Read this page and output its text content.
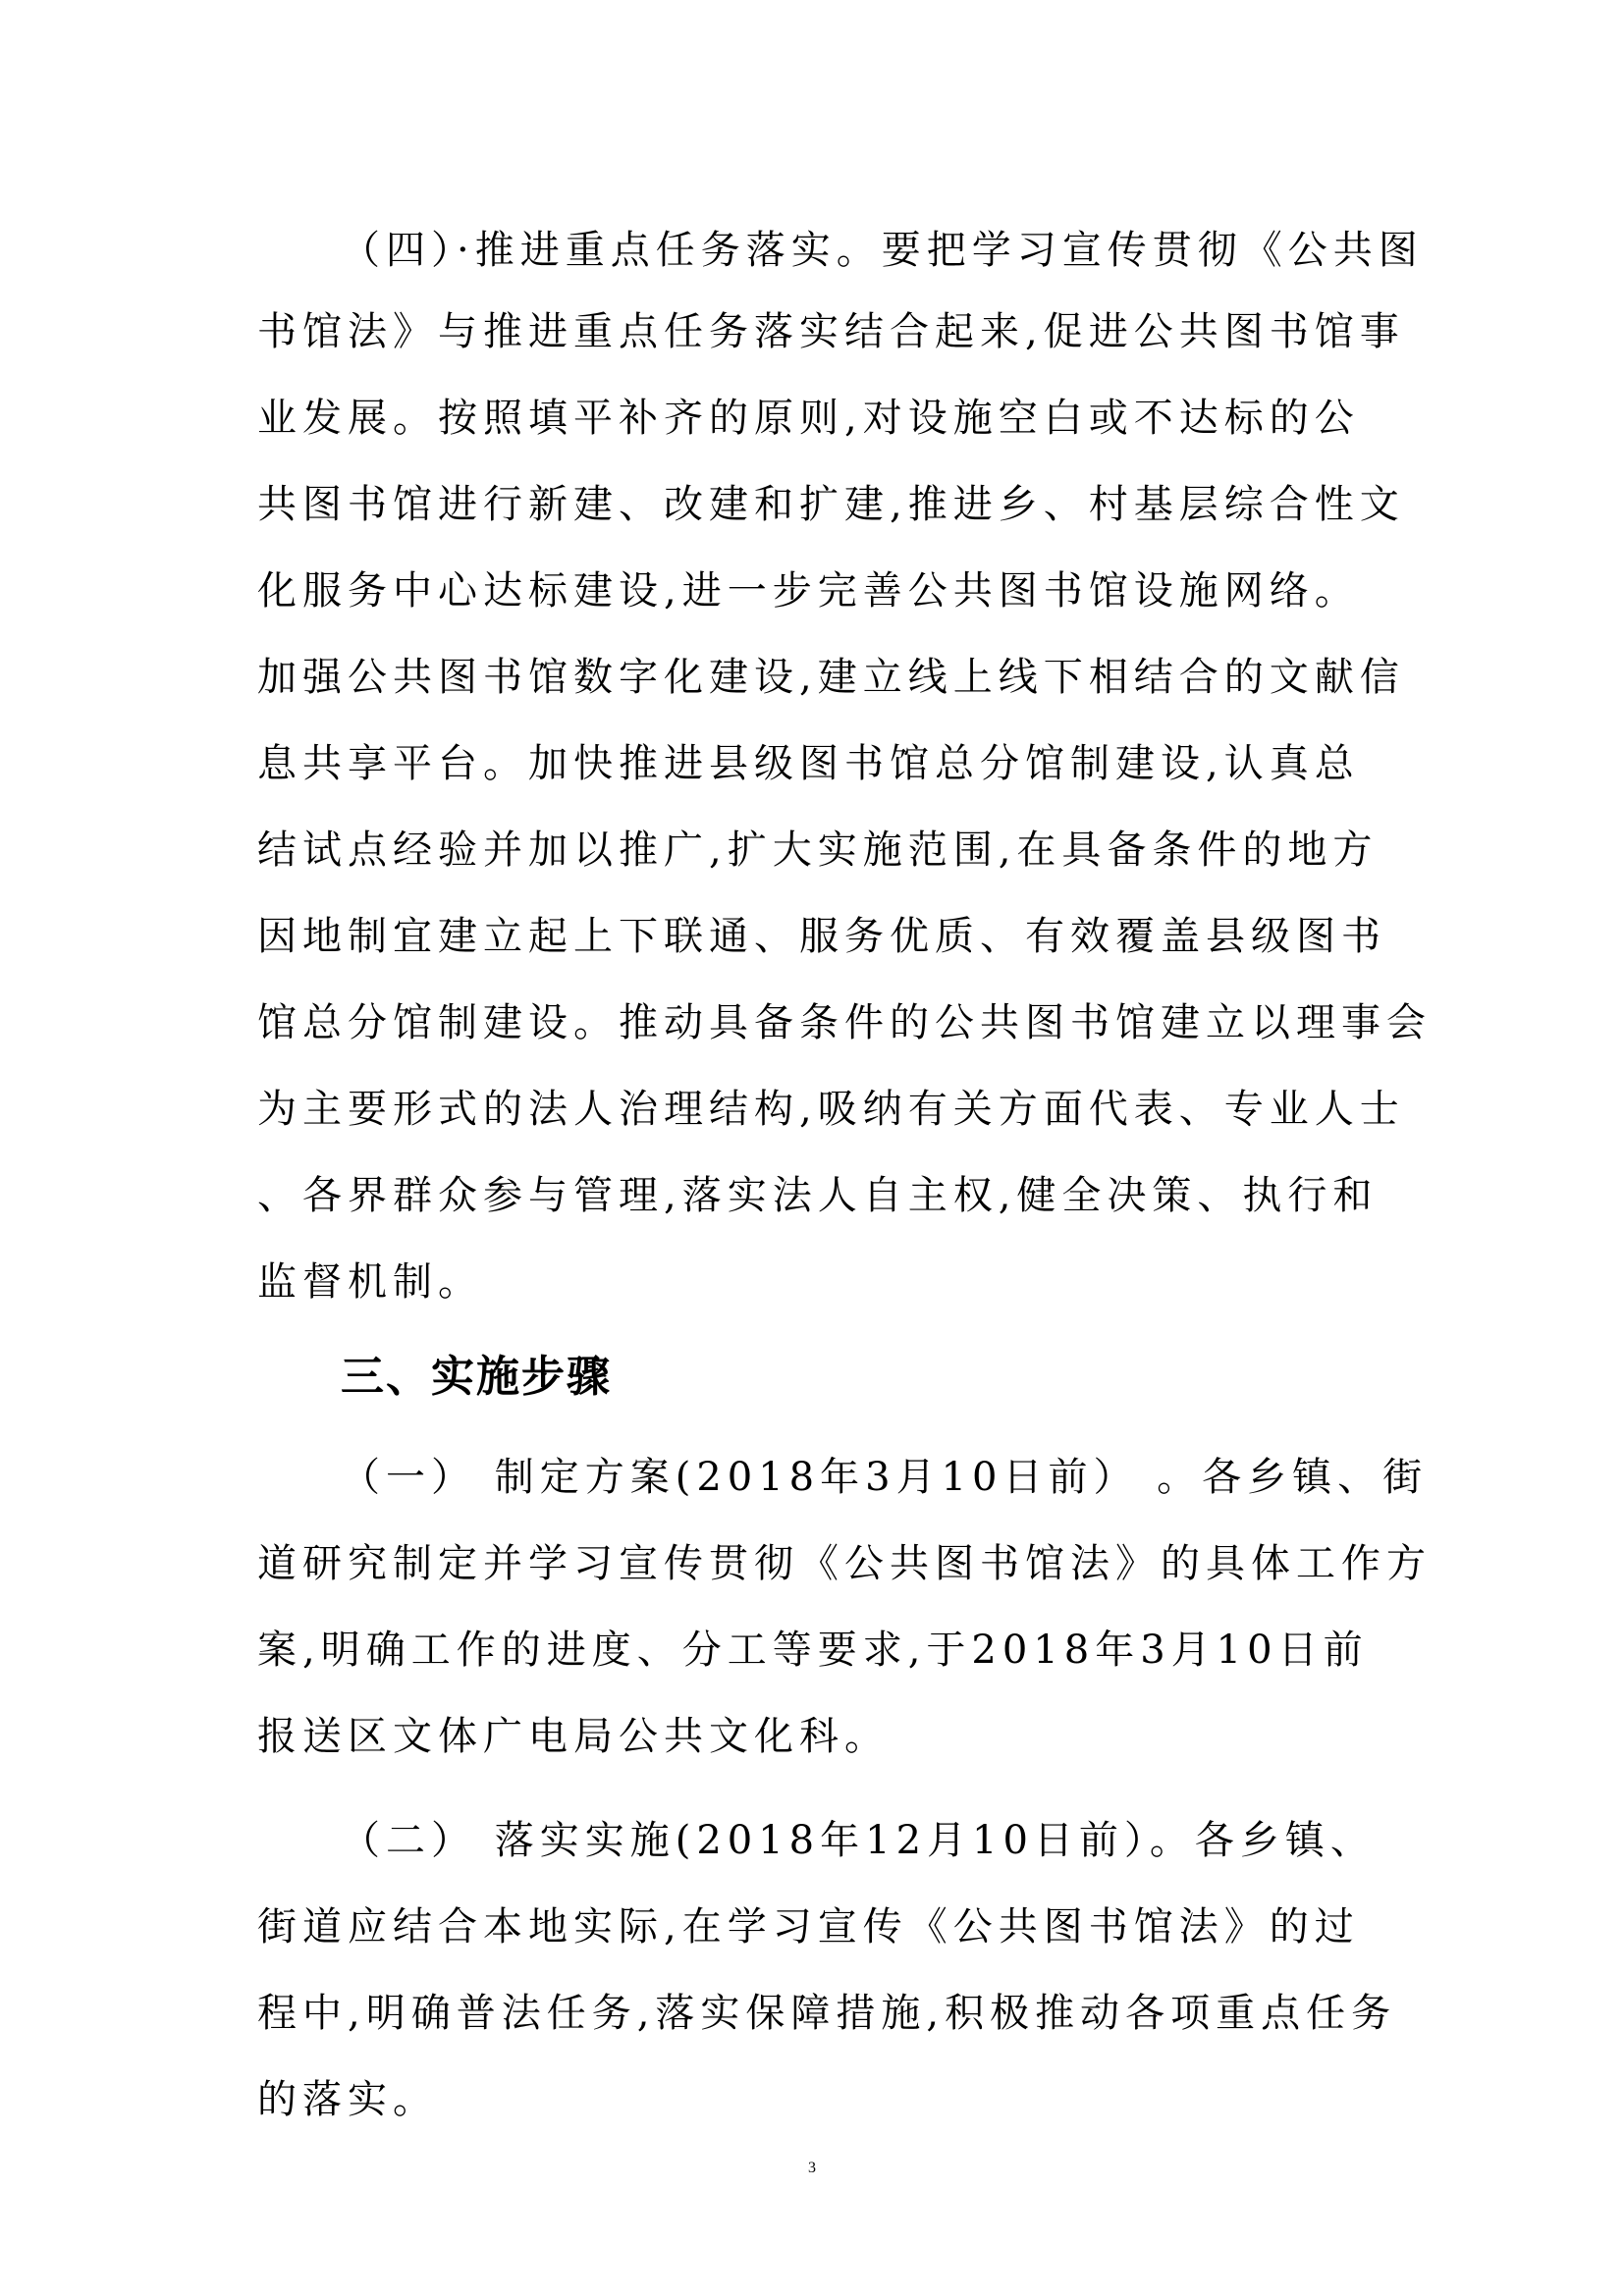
（四）·推进重点任务落实。要把学习宣传贯彻《公共图
书馆法》与推进重点任务落实结合起来,促进公共图书馆事
业发展。按照填平补齐的原则,对设施空白或不达标的公
共图书馆进行新建、改建和扩建,推进乡、村基层综合性文
化服务中心达标建设,进一步完善公共图书馆设施网络。
加强公共图书馆数字化建设,建立线上线下相结合的文献信
息共享平台。加快推进县级图书馆总分馆制建设,认真总
结试点经验并加以推广,扩大实施范围,在具备条件的地方
因地制宜建立起上下联通、服务优质、有效覆盖县级图书
馆总分馆制建设。推动具备条件的公共图书馆建立以理事会
为主要形式的法人治理结构,吸纳有关方面代表、专业人士
、各界群众参与管理,落实法人自主权,健全决策、执行和
监督机制。
三、实施步骤
（一） 制定方案(2018年3月10日前） 。各乡镇、街
道研究制定并学习宣传贯彻《公共图书馆法》的具体工作方
案,明确工作的进度、分工等要求,于2018年3月10日前
报送区文体广电局公共文化科。
（二） 落实实施(2018年12月10日前）。各乡镇、
街道应结合本地实际,在学习宣传《公共图书馆法》的过
程中,明确普法任务,落实保障措施,积极推动各项重点任务
的落实。
3
